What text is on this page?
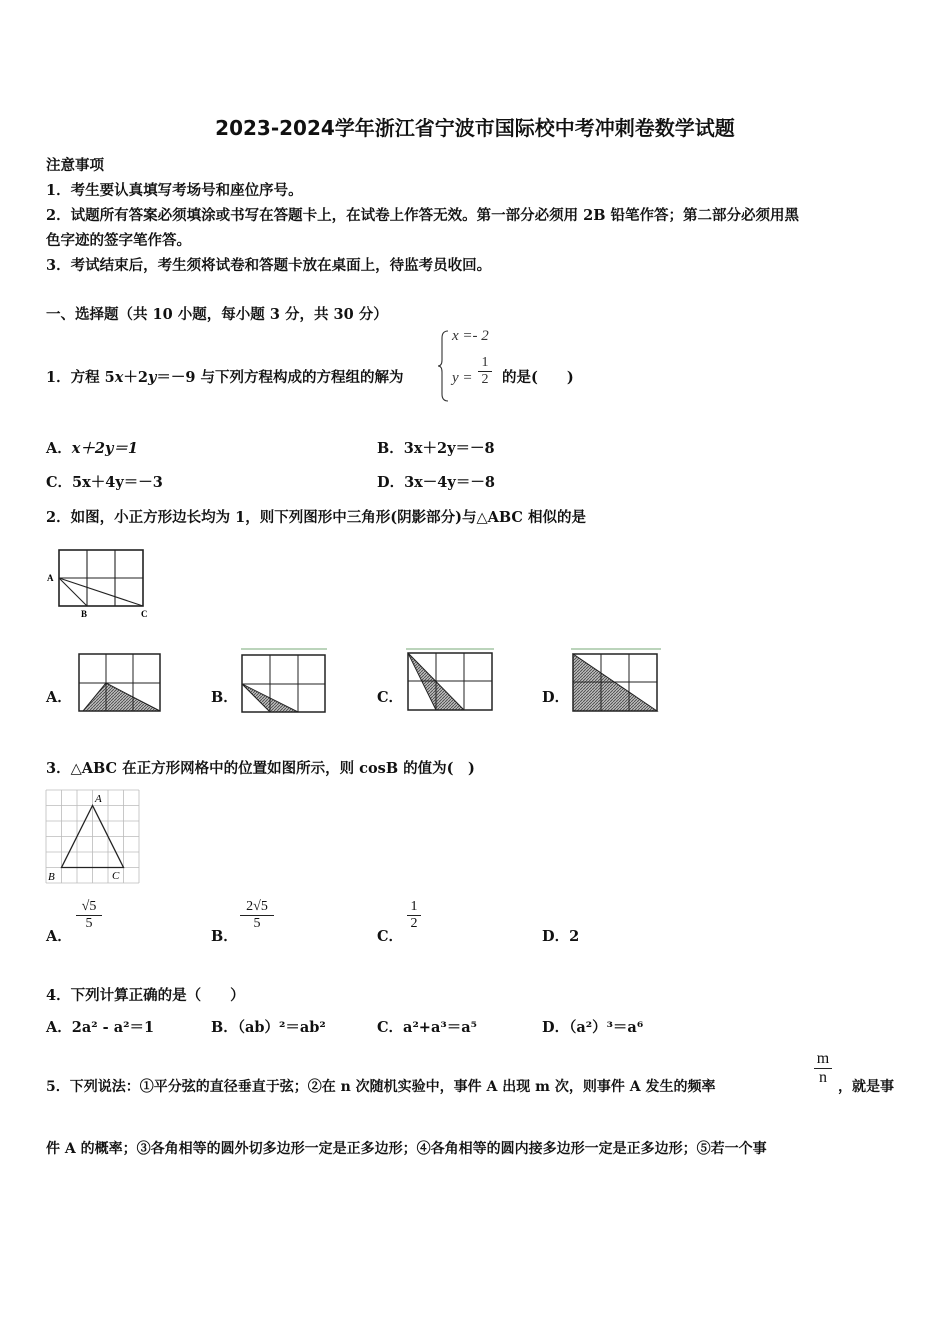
2023-2024学年浙江省宁波市国际校中考冲刺卷数学试题
注意事项
1．考生要认真填写考场号和座位序号。
2．试题所有答案必须填涂或书写在答题卡上，在试卷上作答无效。第一部分必须用 2B 铅笔作答；第二部分必须用黑
色字迹的签字笔作答。
3．考试结束后，考生须将试卷和答题卡放在桌面上，待监考员收回。
一、选择题（共 10 小题，每小题 3 分，共 30 分）
1．方程 5x＋2y＝－9 与下列方程构成的方程组的解为
x =- 2
y =
1
2 的是(　　)
A．x＋2y＝1	B．3x＋2y＝－8
C．5x＋4y＝－3	D．3x－4y＝－8
2．如图，小正方形边长均为 1，则下列图形中三角形(阴影部分)与△ABC 相似的是
A
B	C
A．	B．	C．	D．
3．△ABC 在正方形网格中的位置如图所示，则 cosB 的值为(　)
A
B	C
A．
√5
5
B．
2√5
5
C．
1
2
D．2
4．下列计算正确的是（　　）
A．2a² - a²＝1	B．（ab）²＝ab²	C．a²+a³＝a⁵	D．（a²）³＝a⁶
5．下列说法：①平分弦的直径垂直于弦；②在 n 次随机实验中，事件 A 出现 m 次，则事件 A 发生的频率
m
n
，就是事
件 A 的概率；③各角相等的圆外切多边形一定是正多边形；④各角相等的圆内接多边形一定是正多边形；⑤若一个事
